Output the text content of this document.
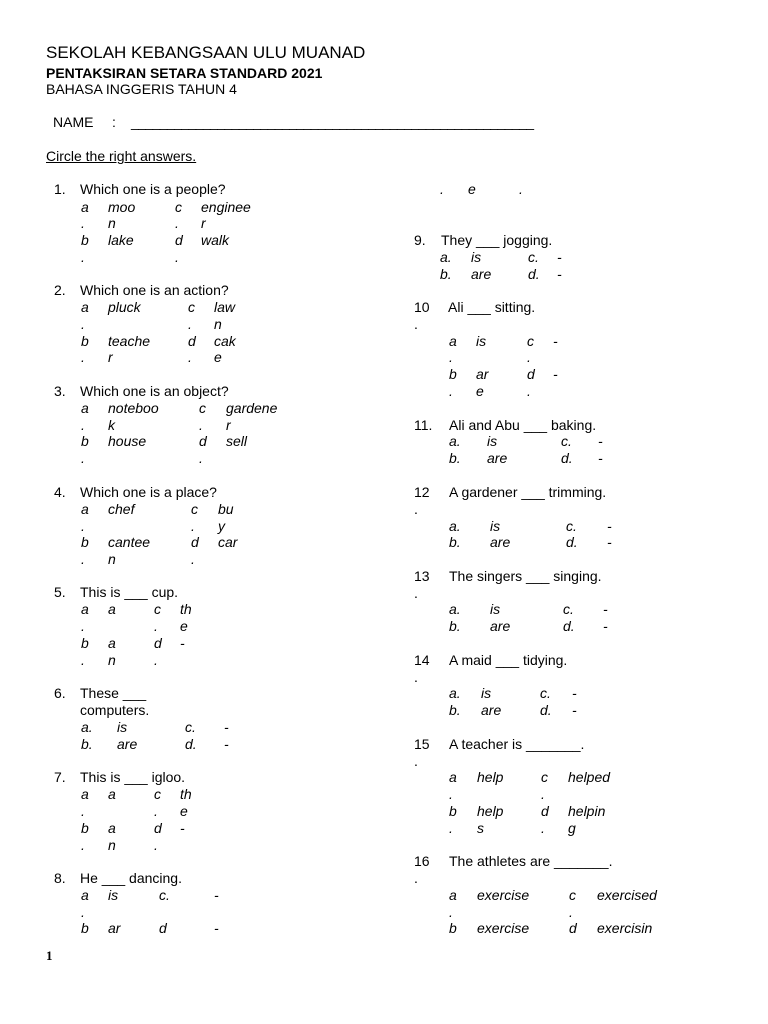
SEKOLAH KEBANGSAAN ULU MUANAD
PENTAKSIRAN SETARA STANDARD 2021
BAHASA INGGERIS TAHUN 4
NAME : ________________________________________________________
Circle the right answers.
1. Which one is a people?
a moo	c enginee
. n	. r
b lake	d walk
.	.
2. Which one is an action?
a pluck	c law
.	. n
b teache	d cak
. r	. e
3. Which one is an object?
a noteboo	c gardene
. k	. r
b house	d sell
.	.
4. Which one is a place?
a chef	c bu
.	. y
b cantee	d car
. n	.
5. This is ___ cup.
a a	c th
.	. e
b a	d -
. n	.
6. These ___
computers.
a. is	c. -
b. are	d. -
7. This is ___ igloo.
a a	c th
.	. e
b a	d -
. n	.
8. He ___ dancing.
a is	c.	-
.
b ar	d	-
1
. e	.
9. They ___ jogging.
a. is	c. -
b. are	d. -
10
.
Ali ___ sitting.
a is	c -
.	.
b ar	d -
. e	.
11. Ali and Abu ___ baking.
a. is	c. -
b. are	d. -
12
.
A gardener ___ trimming.
a. is	c. -
b. are	d. -
13
.
The singers ___ singing.
a. is	c. -
b. are	d. -
14
.
A maid ___ tidying.
a. is	c. -
b. are	d. -
15
.
A teacher is _______.
a help	c helped
.	.
b help	d helpin
. s	. g
16
.
The athletes are _______.
a exercise	c exercised
.	.
b exercise	d exercisin
